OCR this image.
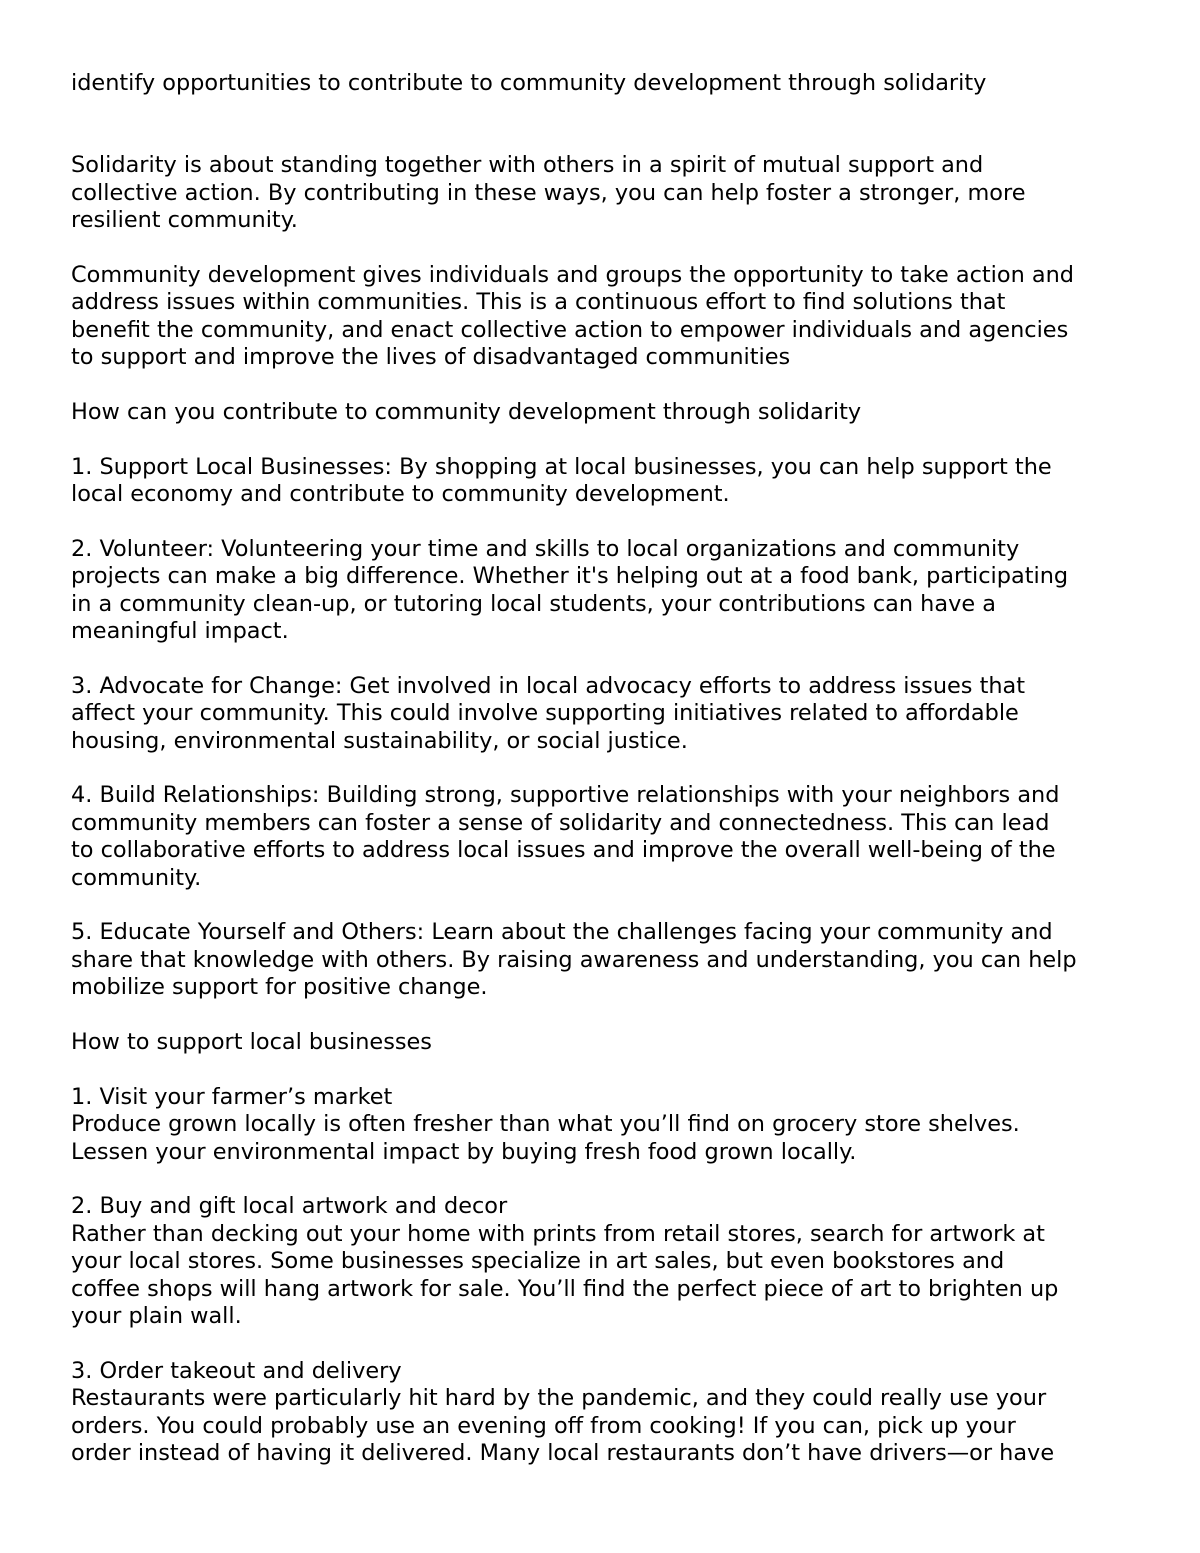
identify opportunities to contribute to community development through solidarity

Solidarity is about standing together with others in a spirit of mutual support and
collective action. By contributing in these ways, you can help foster a stronger, more
resilient community.

Community development gives individuals and groups the opportunity to take action and
address issues within communities. This is a continuous effort to find solutions that
benefit the community, and enact collective action to empower individuals and agencies
to support and improve the lives of disadvantaged communities

How can you contribute to community development through solidarity

1. Support Local Businesses: By shopping at local businesses, you can help support the
local economy and contribute to community development.

2. Volunteer: Volunteering your time and skills to local organizations and community
projects can make a big difference. Whether it's helping out at a food bank, participating
in a community clean-up, or tutoring local students, your contributions can have a
meaningful impact.

3. Advocate for Change: Get involved in local advocacy efforts to address issues that
affect your community. This could involve supporting initiatives related to affordable
housing, environmental sustainability, or social justice.

4. Build Relationships: Building strong, supportive relationships with your neighbors and
community members can foster a sense of solidarity and connectedness. This can lead
to collaborative efforts to address local issues and improve the overall well-being of the
community.

5. Educate Yourself and Others: Learn about the challenges facing your community and
share that knowledge with others. By raising awareness and understanding, you can help
mobilize support for positive change.

How to support local businesses

1. Visit your farmer’s market
Produce grown locally is often fresher than what you’ll find on grocery store shelves.
Lessen your environmental impact by buying fresh food grown locally.

2. Buy and gift local artwork and decor
Rather than decking out your home with prints from retail stores, search for artwork at
your local stores. Some businesses specialize in art sales, but even bookstores and
coffee shops will hang artwork for sale. You’ll find the perfect piece of art to brighten up
your plain wall.

3. Order takeout and delivery
Restaurants were particularly hit hard by the pandemic, and they could really use your
orders. You could probably use an evening off from cooking! If you can, pick up your
order instead of having it delivered. Many local restaurants don’t have drivers—or have
